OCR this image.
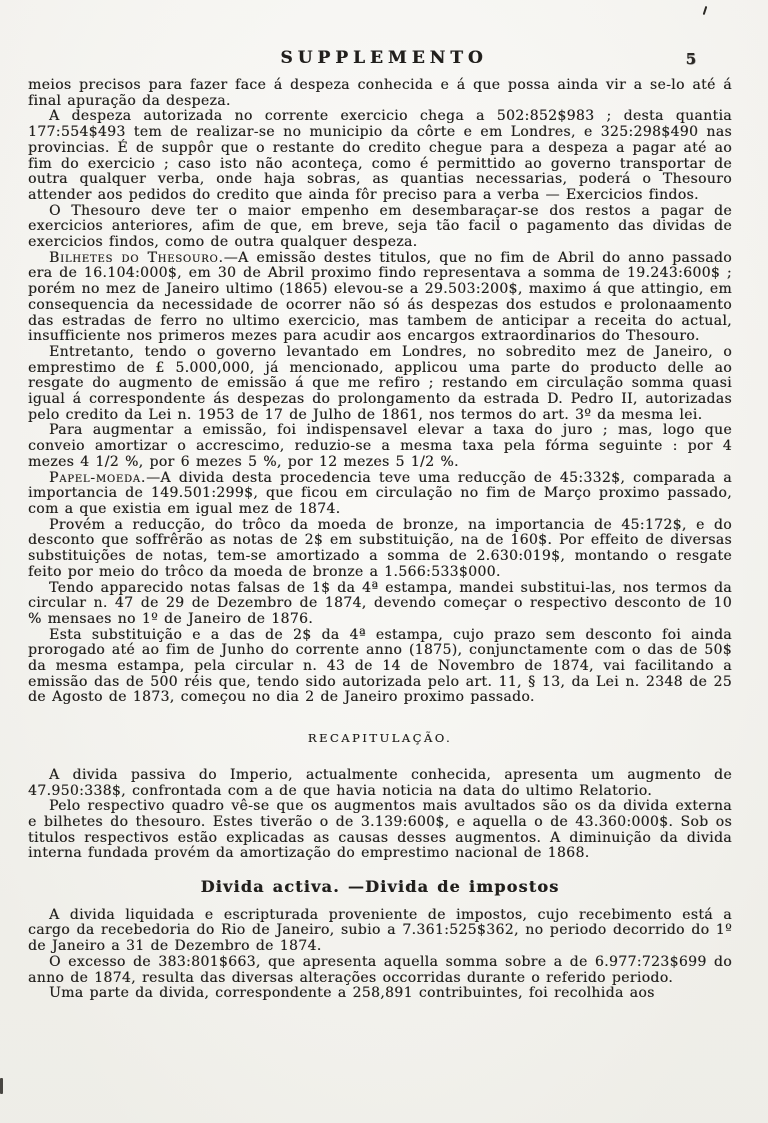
SUPPLEMENTO	5

meios precisos para fazer face á despeza conhecida e á que possa ainda vir a se-lo até á final apuração da despeza.

A despeza autorizada no corrente exercicio chega a 502:852$983 ; desta quantia 177:554$493 tem de realizar-se no municipio da côrte e em Londres, e 325:298$490 nas provincias. É de suppôr que o restante do credito chegue para a despeza a pagar até ao fim do exercicio ; caso isto não aconteça, como é permittido ao governo transportar de outra qualquer verba, onde haja sobras, as quantias necessarias, poderá o Thesouro attender aos pedidos do credito que ainda fôr preciso para a verba — Exercicios findos.

O Thesouro deve ter o maior empenho em desembaraçar-se dos restos a pagar de exercicios anteriores, afim de que, em breve, seja tão facil o pagamento das dividas de exercicios findos, como de outra qualquer despeza.

Bilhetes do Thesouro.—A emissão destes titulos, que no fim de Abril do anno passado era de 16.104:000$, em 30 de Abril proximo findo representava a somma de 19.243:600$ ; porém no mez de Janeiro ultimo (1865) elevou-se a 29.503:200$, maximo á que attingio, em consequencia da necessidade de ocorrer não só ás despezas dos estudos e prolonaamento das estradas de ferro no ultimo exercicio, mas tambem de anticipar a receita do actual, insufficiente nos primeros mezes para acudir aos encargos extraordinarios do Thesouro.

Entretanto, tendo o governo levantado em Londres, no sobredito mez de Janeiro, o emprestimo de £ 5.000,000, já mencionado, applicou uma parte do producto delle ao resgate do augmento de emissão á que me refiro ; restando em circulação somma quasi igual á correspondente ás despezas do prolongamento da estrada D. Pedro II, autorizadas pelo credito da Lei n. 1953 de 17 de Julho de 1861, nos termos do art. 3º da mesma lei.

Para augmentar a emissão, foi indispensavel elevar a taxa do juro ; mas, logo que conveio amortizar o accrescimo, reduzio-se a mesma taxa pela fórma seguinte : por 4 mezes 4 1/2 %, por 6 mezes 5 %, por 12 mezes 5 1/2 %.

Papel-moeda.—A divida desta procedencia teve uma reducção de 45:332$, comparada a importancia de 149.501:299$, que ficou em circulação no fim de Março proximo passado, com a que existia em igual mez de 1874.

Provém a reducção, do trôco da moeda de bronze, na importancia de 45:172$, e do desconto que soffrêrão as notas de 2$ em substituição, na de 160$. Por effeito de diversas substituições de notas, tem-se amortizado a somma de 2.630:019$, montando o resgate feito por meio do trôco da moeda de bronze a 1.566:533$000.

Tendo apparecido notas falsas de 1$ da 4ª estampa, mandei substitui-las, nos termos da circular n. 47 de 29 de Dezembro de 1874, devendo começar o respectivo desconto de 10 % mensaes no 1º de Janeiro de 1876.

Esta substituição e a das de 2$ da 4ª estampa, cujo prazo sem desconto foi ainda prorogado até ao fim de Junho do corrente anno (1875), conjunctamente com o das de 50$ da mesma estampa, pela circular n. 43 de 14 de Novembro de 1874, vai facilitando a emissão das de 500 réis que, tendo sido autorizada pelo art. 11, § 13, da Lei n. 2348 de 25 de Agosto de 1873, começou no dia 2 de Janeiro proximo passado.

RECAPITULAÇÃO.

A divida passiva do Imperio, actualmente conhecida, apresenta um augmento de 47.950:338$, confrontada com a de que havia noticia na data do ultimo Relatorio.

Pelo respectivo quadro vê-se que os augmentos mais avultados são os da divida externa e bilhetes do thesouro. Estes tiverão o de 3.139:600$, e aquella o de 43.360:000$. Sob os titulos respectivos estão explicadas as causas desses augmentos. A diminuição da divida interna fundada provém da amortização do emprestimo nacional de 1868.

Divida activa. —Divida de impostos

A divida liquidada e escripturada proveniente de impostos, cujo recebimento está a cargo da recebedoria do Rio de Janeiro, subio a 7.361:525$362, no periodo decorrido do 1º de Janeiro a 31 de Dezembro de 1874.

O excesso de 383:801$663, que apresenta aquella somma sobre a de 6.977:723$699 do anno de 1874, resulta das diversas alterações occorridas durante o referido periodo.

Uma parte da divida, correspondente a 258,891 contribuintes, foi recolhida aos
